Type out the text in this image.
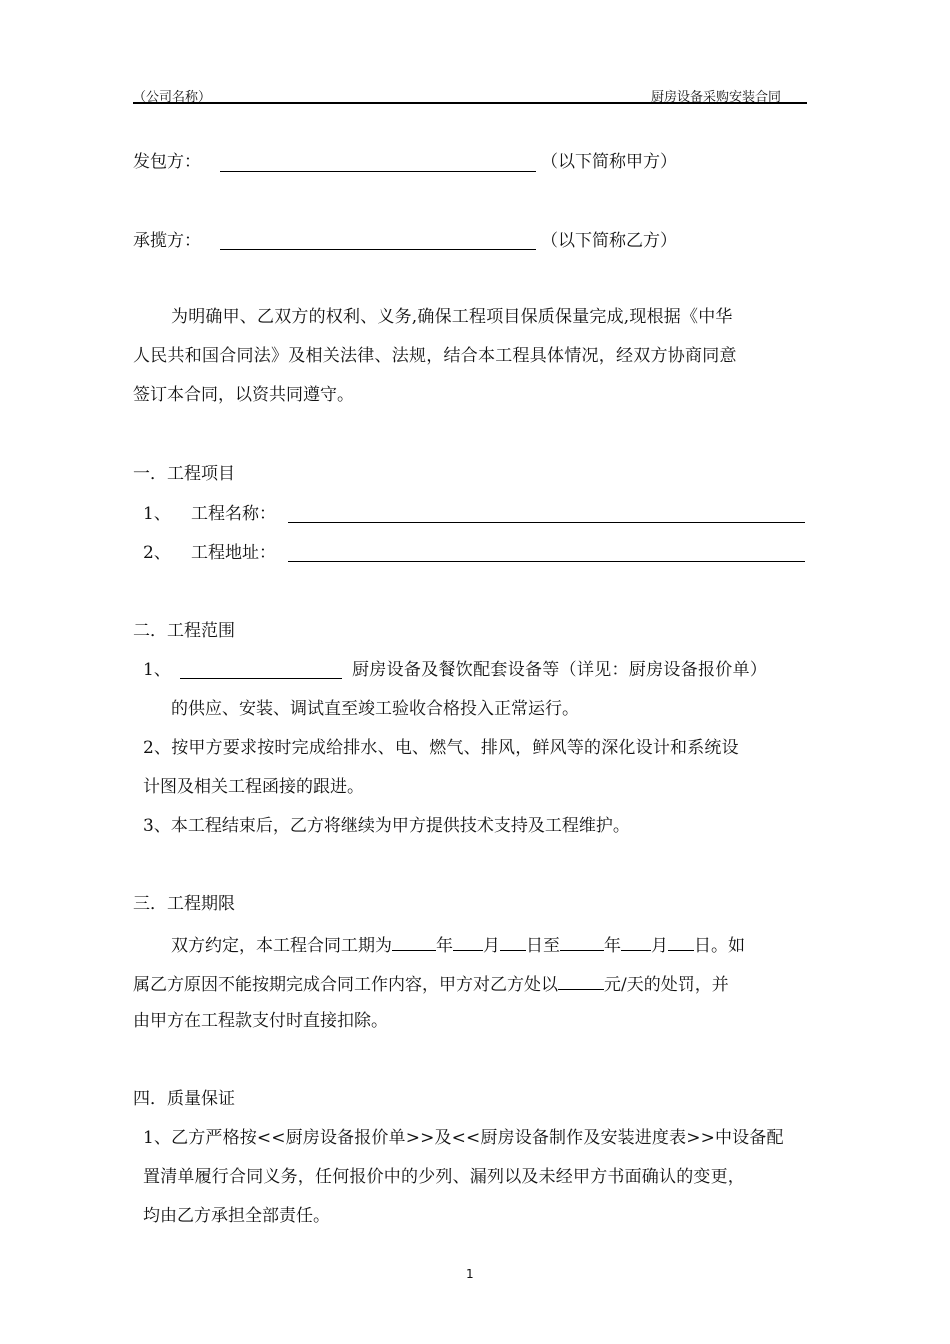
（公司名称）	厨房设备采购安装合同
发包方：	（以下简称甲方）
承揽方：	（以下简称乙方）
为明确甲、乙双方的权利、义务,确保工程项目保质保量完成,现根据《中华
人民共和国合同法》及相关法律、法规，结合本工程具体情况，经双方协商同意
签订本合同，以资共同遵守。
一．工程项目
1、 工程名称：
2、 工程地址：
二．工程范围
1、	厨房设备及餐饮配套设备等（详见：厨房设备报价单）
的供应、安装、调试直至竣工验收合格投入正常运行。
2、按甲方要求按时完成给排水、电、燃气、排风，鲜风等的深化设计和系统设
计图及相关工程函接的跟进。
3、本工程结束后，乙方将继续为甲方提供技术支持及工程维护。
三．工程期限
双方约定，本工程合同工期为	年 月 日至	年 月 日。如
属乙方原因不能按期完成合同工作内容，甲方对乙方处以	元/天的处罚，并
由甲方在工程款支付时直接扣除。
四．质量保证
1、乙方严格按<<厨房设备报价单>>及<<厨房设备制作及安装进度表>>中设备配
置清单履行合同义务，任何报价中的少列、漏列以及未经甲方书面确认的变更，
均由乙方承担全部责任。
1
